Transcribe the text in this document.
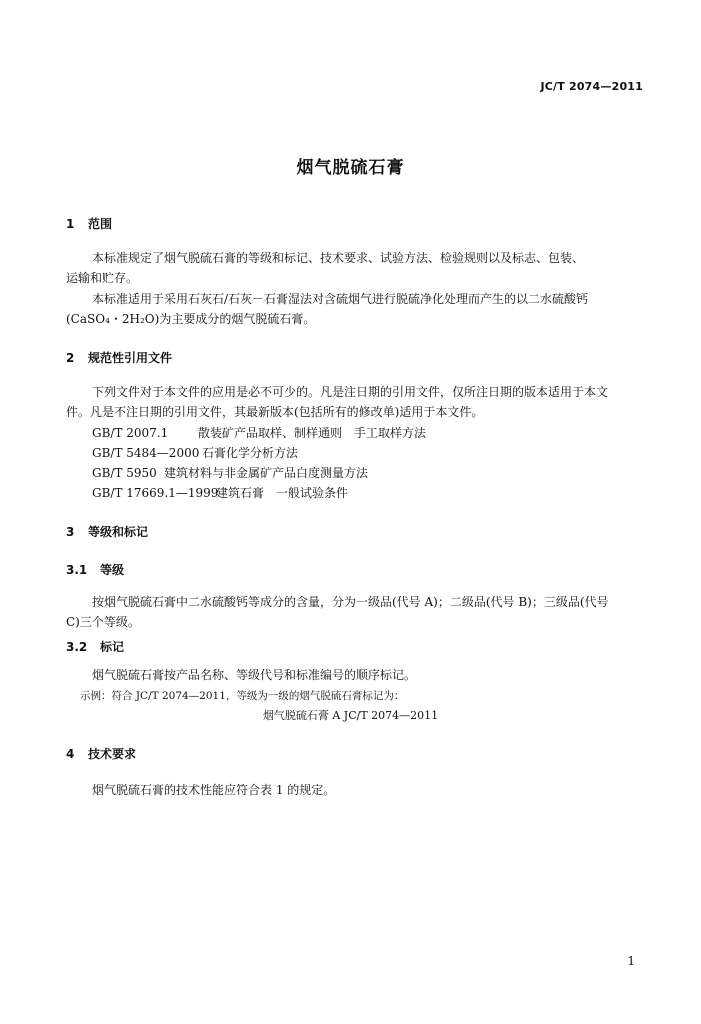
JC/T 2074—2011
烟气脱硫石膏
1 范围
本标准规定了烟气脱硫石膏的等级和标记、技术要求、试验方法、检验规则以及标志、包装、
运输和贮存。
本标准适用于采用石灰石/石灰－石膏湿法对含硫烟气进行脱硫净化处理而产生的以二水硫酸钙
(CaSO₄・2H₂O)为主要成分的烟气脱硫石膏。
2 规范性引用文件
下列文件对于本文件的应用是必不可少的。凡是注日期的引用文件，仅所注日期的版本适用于本文
件。凡是不注日期的引用文件，其最新版本(包括所有的修改单)适用于本文件。
GB/T 2007.1 散装矿产品取样、制样通则　手工取样方法
GB/T 5484—2000 石膏化学分析方法
GB/T 5950 建筑材料与非金属矿产品白度测量方法
GB/T 17669.1—1999建筑石膏　一般试验条件
3 等级和标记
3.1 等级
按烟气脱硫石膏中二水硫酸钙等成分的含量，分为一级品(代号 A)；二级品(代号 B)；三级品(代号
C)三个等级。
3.2 标记
烟气脱硫石膏按产品名称、等级代号和标准编号的顺序标记。
示例：符合 JC/T 2074—2011，等级为一级的烟气脱硫石膏标记为：
烟气脱硫石膏 A JC/T 2074—2011
4 技术要求
烟气脱硫石膏的技术性能应符合表 1 的规定。
1
